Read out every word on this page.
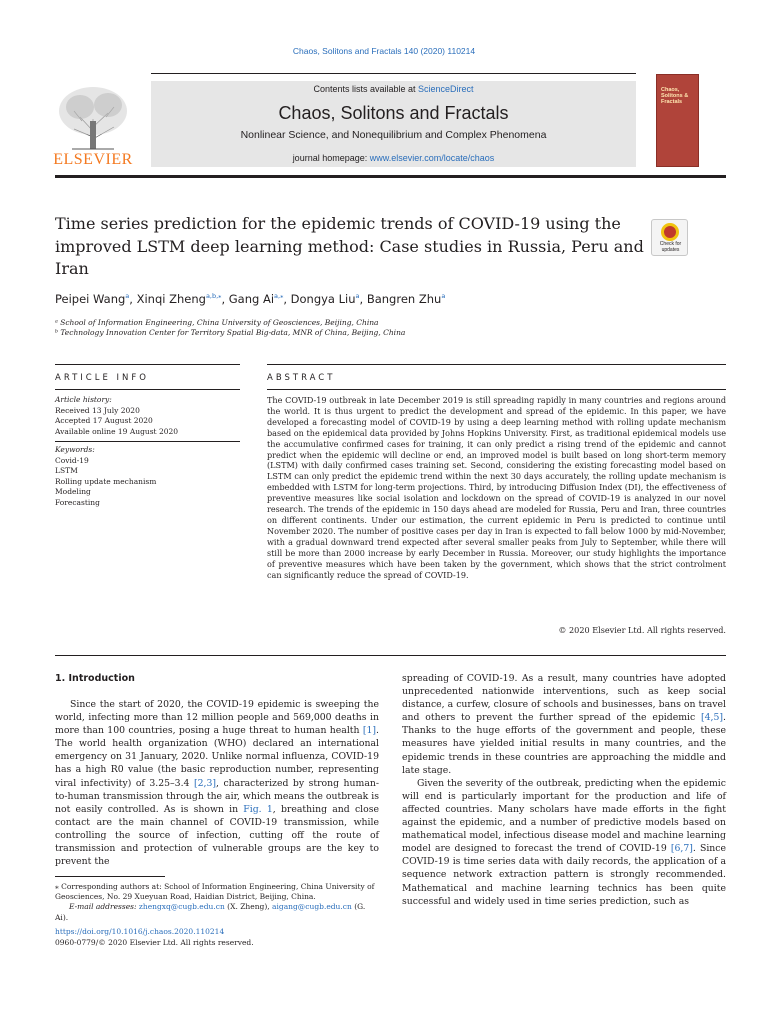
Chaos, Solitons and Fractals 140 (2020) 110214
ELSEVIER
Contents lists available at ScienceDirect
Chaos, Solitons and Fractals
Nonlinear Science, and Nonequilibrium and Complex Phenomena
journal homepage: www.elsevier.com/locate/chaos
Chaos, Solitons & Fractals
Time series prediction for the epidemic trends of COVID-19 using the improved LSTM deep learning method: Case studies in Russia, Peru and Iran
Check for updates
Peipei Wang$^a$, Xinqi Zheng$^{a,b,⁎}$, Gang $Ai^{a,⁎}$, Dongya Liu$^a$, Bangren Zhu$^a$
ᵃ School of Information Engineering, China University of Geosciences, Beijing, China
ᵇ Technology Innovation Center for Territory Spatial Big-data, MNR of China, Beijing, China
ARTICLE INFO	ABSTRACT
Article history:
Received 13 July 2020
Accepted 17 August 2020
Available online 19 August 2020
Keywords:
Covid-19
LSTM
Rolling update mechanism
Modeling
Forecasting
The COVID-19 outbreak in late December 2019 is still spreading rapidly in many countries and regions around the world. It is thus urgent to predict the development and spread of the epidemic. In this paper, we have developed a forecasting model of COVID-19 by using a deep learning method with rolling update mechanism based on the epidemical data provided by Johns Hopkins University. First, as traditional epidemical models use the accumulative confirmed cases for training, it can only predict a rising trend of the epidemic and cannot predict when the epidemic will decline or end, an improved model is built based on long short-term memory (LSTM) with daily confirmed cases training set. Second, considering the existing forecasting model based on LSTM can only predict the epidemic trend within the next 30 days accurately, the rolling update mechanism is embedded with LSTM for long-term projections. Third, by introducing Diffusion Index (DI), the effectiveness of preventive measures like social isolation and lockdown on the spread of COVID-19 is analyzed in our novel research. The trends of the epidemic in 150 days ahead are modeled for Russia, Peru and Iran, three countries on different continents. Under our estimation, the current epidemic in Peru is predicted to continue until November 2020. The number of positive cases per day in Iran is expected to fall below 1000 by mid-November, with a gradual downward trend expected after several smaller peaks from July to September, while there will still be more than 2000 increase by early December in Russia. Moreover, our study highlights the importance of preventive measures which have been taken by the government, which shows that the strict controlment can significantly reduce the spread of COVID-19.
© 2020 Elsevier Ltd. All rights reserved.
1. Introduction

Since the start of 2020, the COVID-19 epidemic is sweeping the world, infecting more than 12 million people and 569,000 deaths in more than 100 countries, posing a huge threat to human health [1]. The world health organization (WHO) declared an international emergency on 31 January, 2020. Unlike normal influenza, COVID-19 has a high R0 value (the basic reproduction number, representing viral infectivity) of 3.25–3.4 [2,3], characterized by strong human-to-human transmission through the air, which means the outbreak is not easily controlled. As is shown in Fig. 1, breathing and close contact are the main channel of COVID-19 transmission, while controlling the source of infection, cutting off the route of transmission and protection of vulnerable groups are the key to prevent the

spreading of COVID-19. As a result, many countries have adopted unprecedented nationwide interventions, such as keep social distance, a curfew, closure of schools and businesses, bans on travel and others to prevent the further spread of the epidemic [4,5]. Thanks to the huge efforts of the government and people, these measures have yielded initial results in many countries, and the epidemic trends in these countries are approaching the middle and late stage.

Given the severity of the outbreak, predicting when the epidemic will end is particularly important for the production and life of affected countries. Many scholars have made efforts in the fight against the epidemic, and a number of predictive models based on mathematical model, infectious disease model and machine learning model are designed to forecast the trend of COVID-19 [6,7]. Since COVID-19 is time series data with daily records, the application of a sequence network extraction pattern is strongly recommended. Mathematical and machine learning technics has been quite successful and widely used in time series prediction, such as

⁎ Corresponding authors at: School of Information Engineering, China University of Geosciences, No. 29 Xueyuan Road, Haidian District, Beijing, China.
E-mail addresses: zhengxq@cugb.edu.cn (X. Zheng), aigang@cugb.edu.cn (G. Ai).
https://doi.org/10.1016/j.chaos.2020.110214
0960-0779/© 2020 Elsevier Ltd. All rights reserved.
